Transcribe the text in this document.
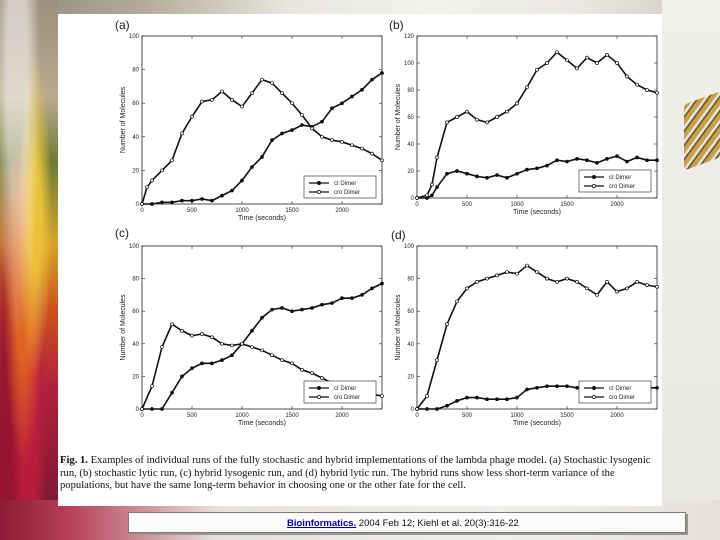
(a)
0
20
40
60
80
100
0	500	1000	1500	2000
Time (seconds)
Number of Molecules
cI Dimer
cro Dimer
(b)
0
20
40
60
80
100
120
0	500	1000	1500	2000
Time (seconds)
Number of Molecules
cI Dimer
cro Dimer
(c)
0
20
40
60
80
100
0	500	1000	1500	2000
Time (seconds)
Number of Molecules
cI Dimer
cro Dimer
(d)
0
20
40
60
80
100
0	500	1000	1500	2000
Time (seconds)
Number of Molecules
cI Dimer
cro Dimer
Fig. 1. Examples of individual runs of the fully stochastic and hybrid implementations of the lambda phage model. (a) Stochastic lysogenic run, (b) stochastic lytic run, (c) hybrid lysogenic run, and (d) hybrid lytic run. The hybrid runs show less short-term variance of the populations, but have the same long-term behavior in choosing one or the other fate for the cell.
Bioinformatics. 2004 Feb 12; Kiehl et al. 20(3):316-22
